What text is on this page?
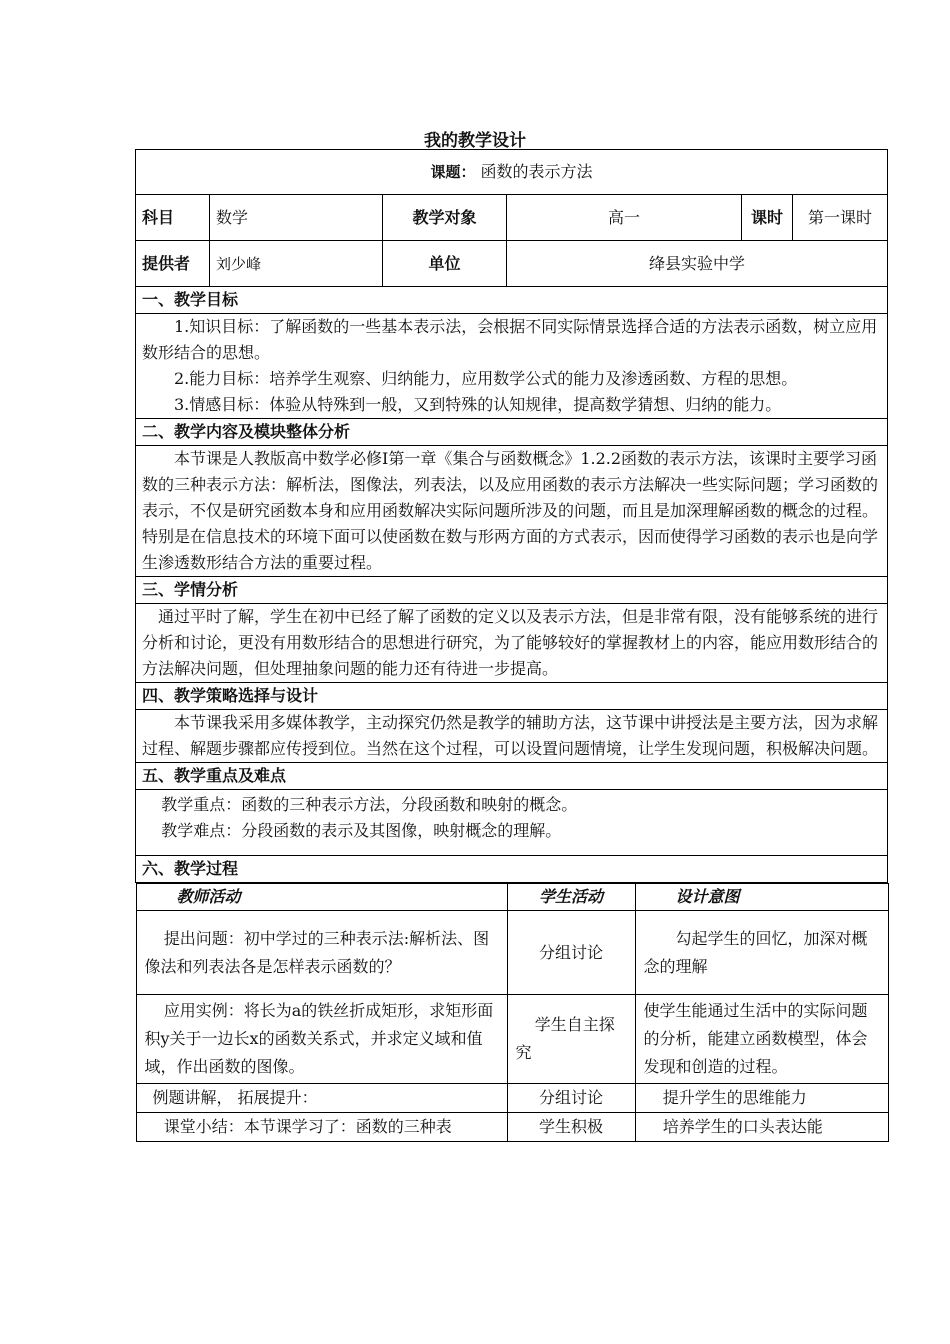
我的教学设计
课题： 函数的表示方法
科目	数学	教学对象	高一	课时	第一课时
提供者	刘少峰	单位	绛县实验中学
一、教学目标

1.知识目标：了解函数的一些基本表示法，会根据不同实际情景选择合适的方法表示函数，树立应用数形结合的思想。

2.能力目标：培养学生观察、归纳能力，应用数学公式的能力及渗透函数、方程的思想。

3.情感目标：体验从特殊到一般，又到特殊的认知规律，提高数学猜想、归纳的能力。

二、教学内容及模块整体分析

本节课是人教版高中数学必修Ⅰ第一章《集合与函数概念》1.2.2函数的表示方法，该课时主要学习函数的三种表示方法：解析法，图像法，列表法，以及应用函数的表示方法解决一些实际问题；学习函数的表示，不仅是研究函数本身和应用函数解决实际问题所涉及的问题，而且是加深理解函数的概念的过程。特别是在信息技术的环境下面可以使函数在数与形两方面的方式表示，因而使得学习函数的表示也是向学生渗透数形结合方法的重要过程。

三、学情分析

通过平时了解，学生在初中已经了解了函数的定义以及表示方法，但是非常有限，没有能够系统的进行分析和讨论，更没有用数形结合的思想进行研究，为了能够较好的掌握教材上的内容，能应用数形结合的方法解决问题，但处理抽象问题的能力还有待进一步提高。

四、教学策略选择与设计

本节课我采用多媒体教学，主动探究仍然是教学的辅助方法，这节课中讲授法是主要方法，因为求解过程、解题步骤都应传授到位。当然在这个过程，可以设置问题情境，让学生发现问题，积极解决问题。

五、教学重点及难点

教学重点：函数的三种表示方法，分段函数和映射的概念。

教学难点：分段函数的表示及其图像，映射概念的理解。

六、教学过程

教师活动	学生活动	设计意图
提出问题：初中学过的三种表示法:解析法、图像法和列表法各是怎样表示函数的？	分组讨论	勾起学生的回忆，加深对概念的理解
应用实例：将长为a的铁丝折成矩形，求矩形面积y关于一边长x的函数关系式，并求定义域和值域，作出函数的图像。	学生自主探究	使学生能通过生活中的实际问题的分析，能建立函数模型，体会发现和创造的过程。
例题讲解， 拓展提升：	分组讨论	提升学生的思维能力
课堂小结：本节课学习了：函数的三种表	学生积极	培养学生的口头表达能
